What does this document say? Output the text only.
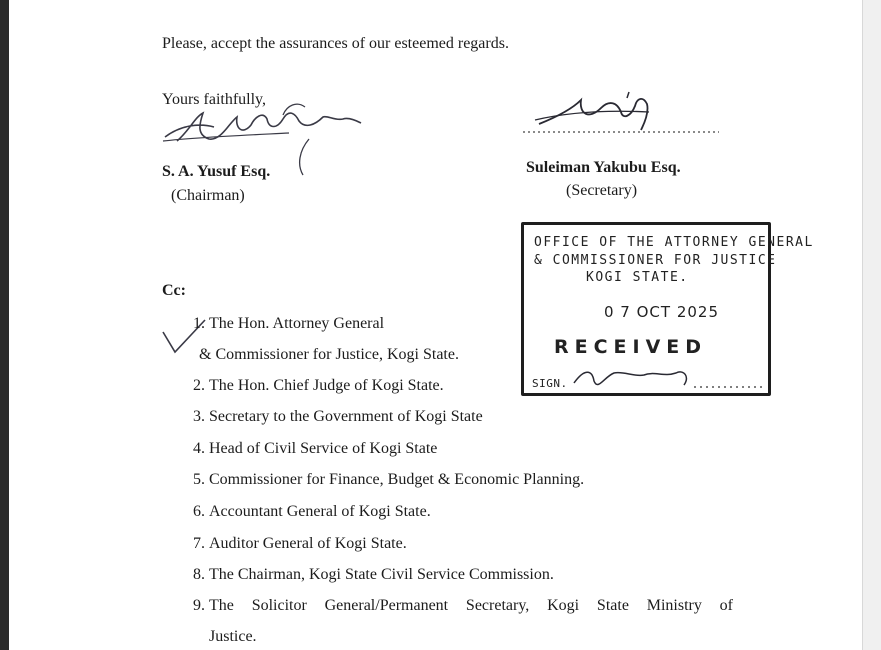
Please, accept the assurances of our esteemed regards.
Yours faithfully,
S. A. Yusuf Esq.
(Chairman)
Suleiman Yakubu Esq.
(Secretary)
OFFICE OF THE ATTORNEY GENERAL
& COMMISSIONER FOR JUSTICE
KOGI STATE.
0 7 OCT 2025
RECEIVED
SIGN.
Cc:
1. The Hon. Attorney General
& Commissioner for Justice, Kogi State.
2. The Hon. Chief Judge of Kogi State.
3. Secretary to the Government of Kogi State
4. Head of Civil Service of Kogi State
5. Commissioner for Finance, Budget & Economic Planning.
6. Accountant General of Kogi State.
7. Auditor General of Kogi State.
8. The Chairman, Kogi State Civil Service Commission.
9. The Solicitor General/Permanent Secretary, Kogi State Ministry of
Justice.
